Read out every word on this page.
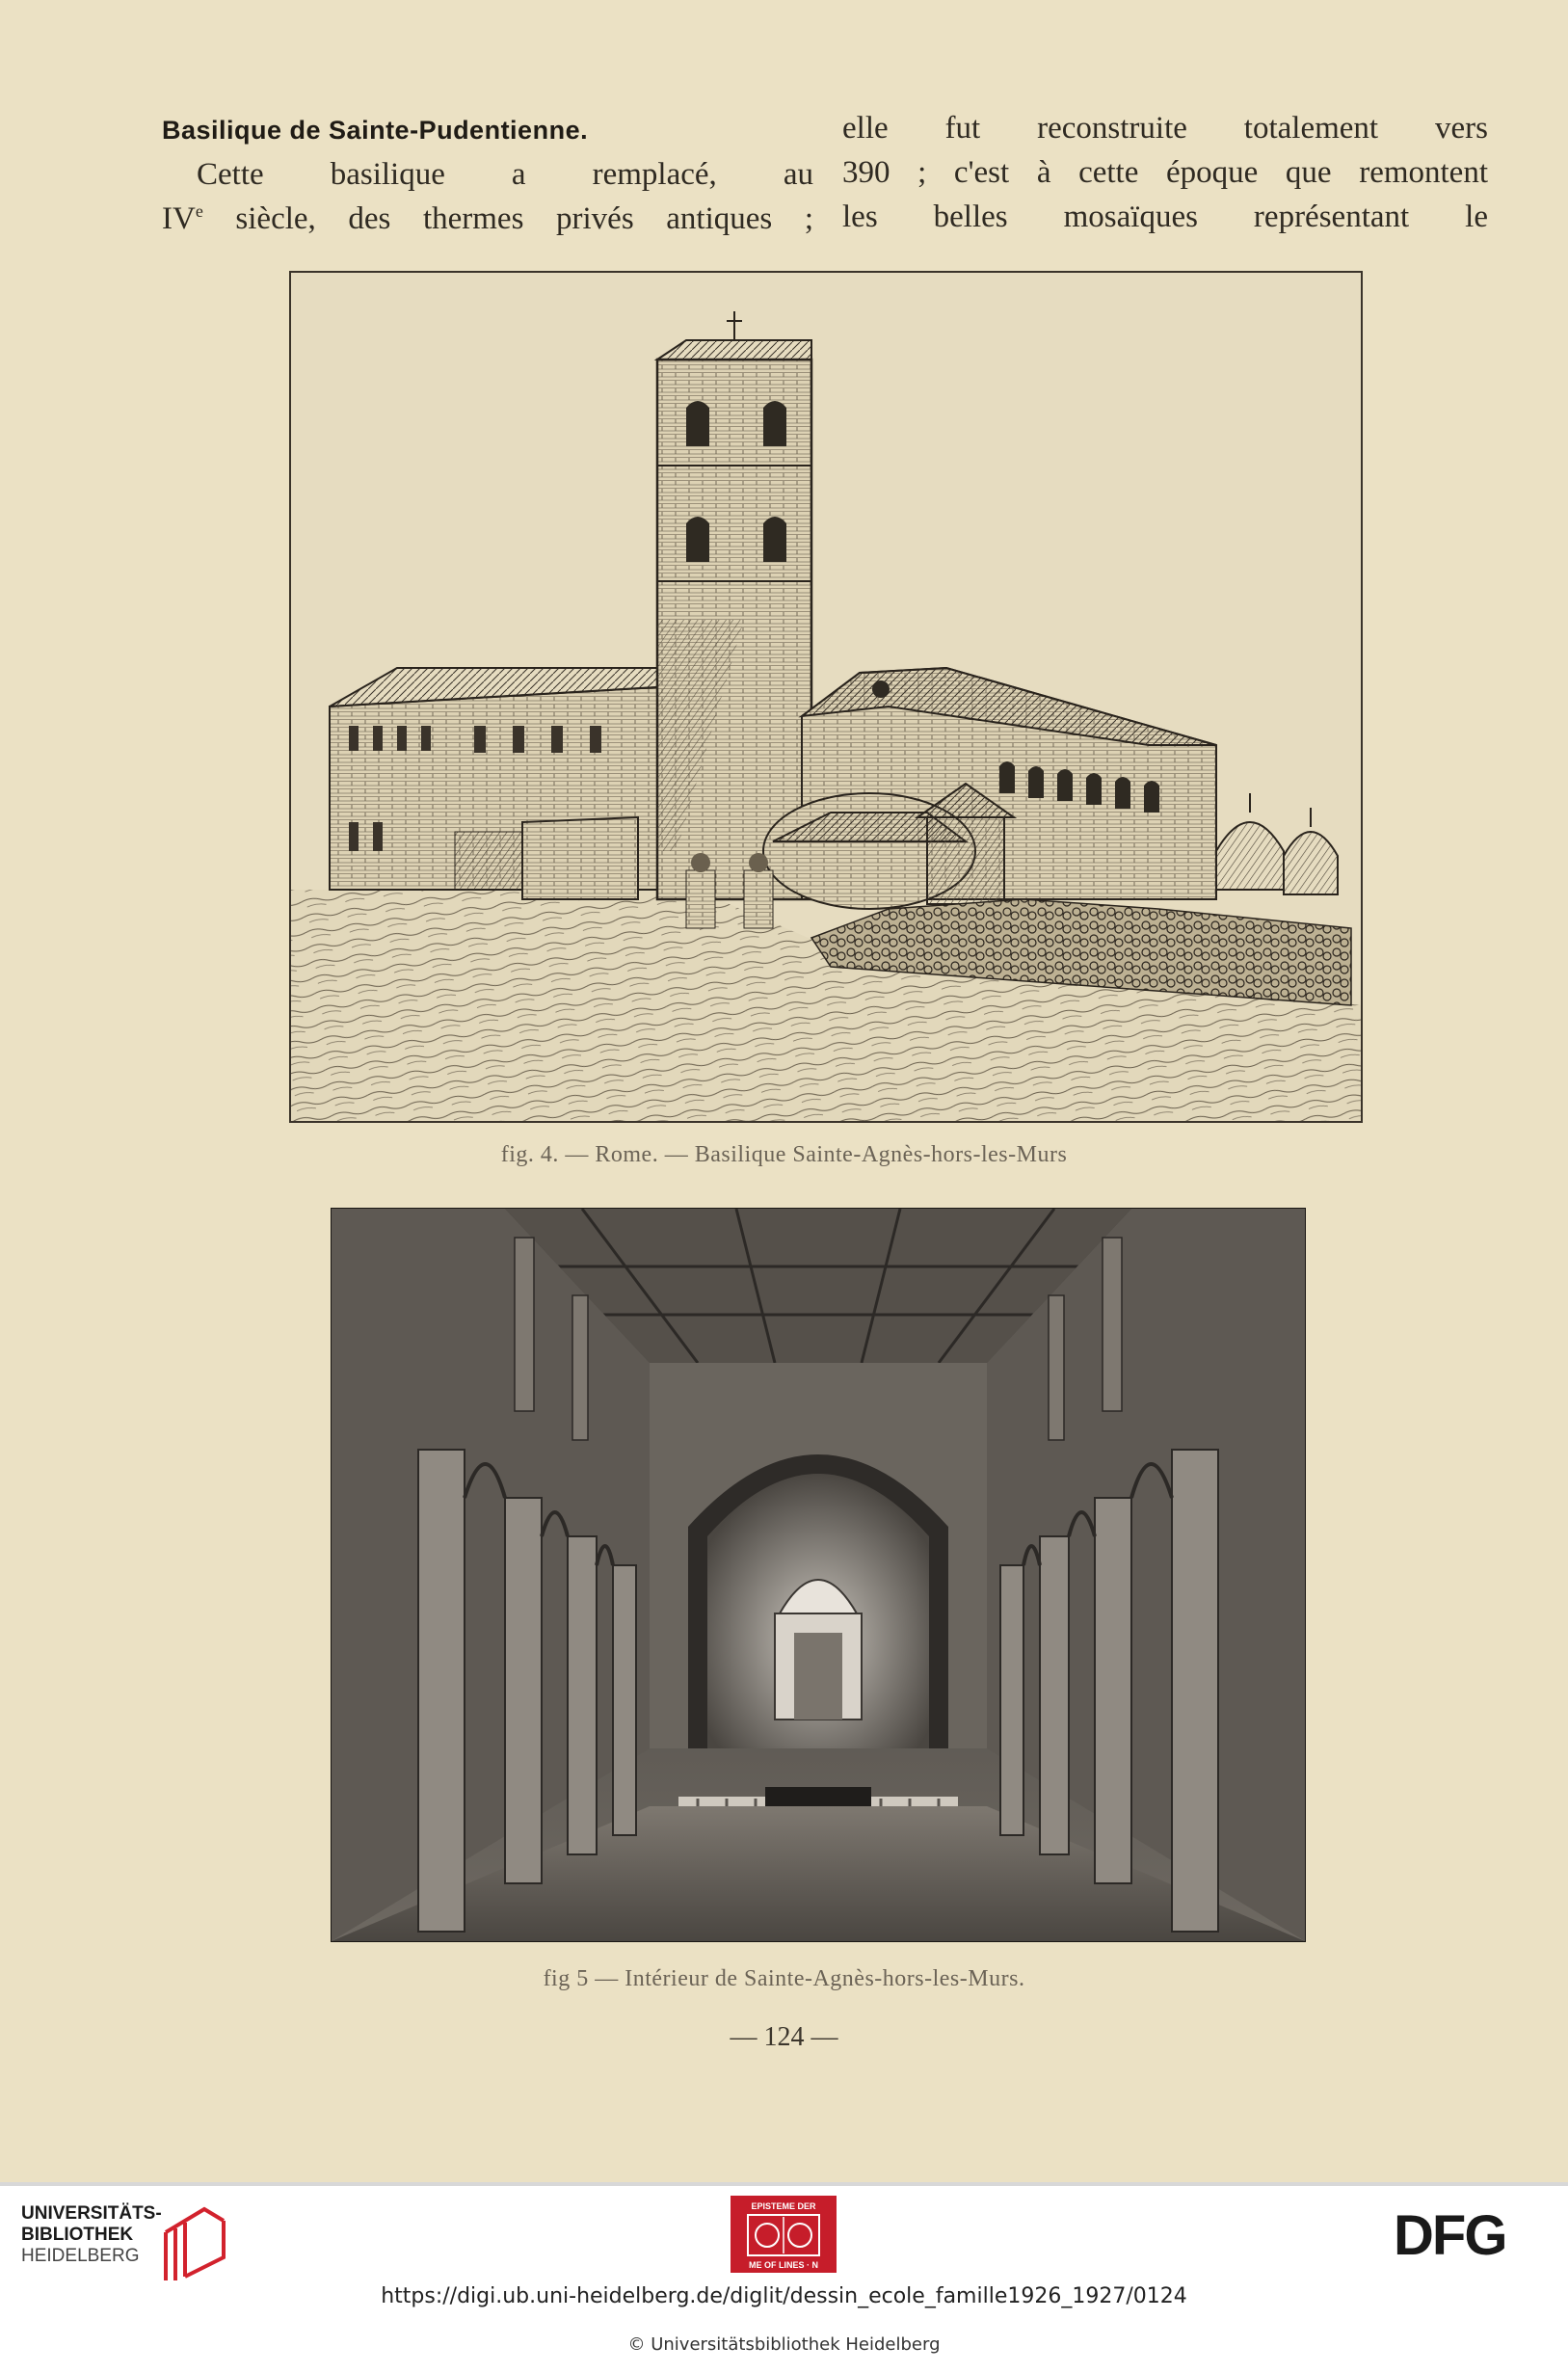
Basilique de Sainte-Pudentienne.
Cette basilique a remplacé, au
IVe siècle, des thermes privés antiques ;
elle fut reconstruite totalement vers
390 ; c'est à cette époque que remontent
les belles mosaïques représentant le
fig. 4. — Rome. — Basilique Sainte-Agnès-hors-les-Murs
fig 5 — Intérieur de Sainte-Agnès-hors-les-Murs.
— 124 —
UNIVERSITÄTS-
BIBLIOTHEK
HEIDELBERG
EPISTEME DER
ME OF LINES · N	DFG
https://digi.ub.uni-heidelberg.de/diglit/dessin_ecole_famille1926_1927/0124
© Universitätsbibliothek Heidelberg
